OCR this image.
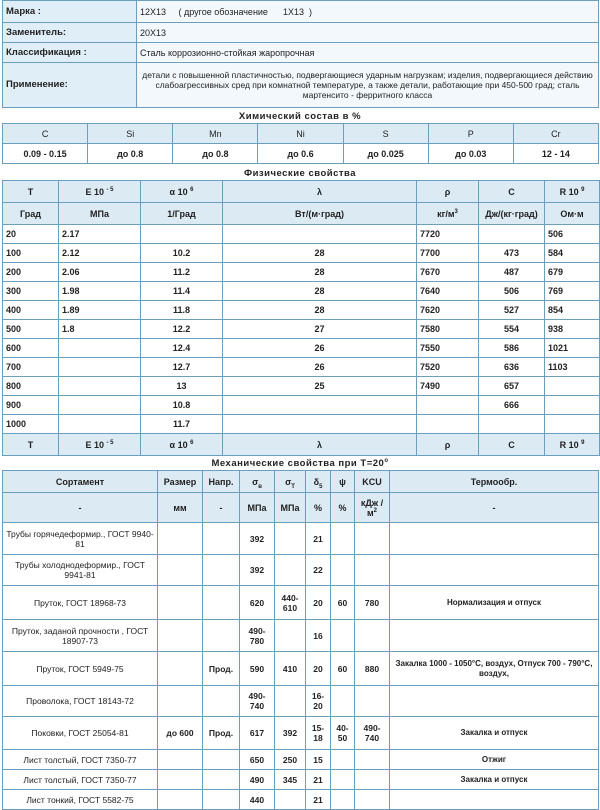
Марка :	12Х13     ( другое обозначение      1Х13  )
Заменитель:	20Х13
Классификация :	Сталь коррозионно-стойкая жаропрочная
Применение:	детали с повышенной пластичностью, подвергающиеся ударным нагрузкам; изделия, подвергающиеся действию слабоагрессивных сред при комнатной температуре, а также детали, работающие при 450-500 град; сталь мартенсито - ферритного класса
Химический состав в %
C	Si	Mn	Ni	S	P	Cr
0.09 - 0.15	до 0.8	до 0.8	до 0.6	до 0.025	до 0.03	12 - 14
Физические свойства
T	E 10 $^{- 5}$	α 10 $^6$	λ	ρ	C	R 10 $^9$
Град	МПа	1/Град	Вт/(м·град)	$кг/м^3$	Дж/(кг·град)	Ом·м
20	2.17			7720		506
100	2.12	10.2	28	7700	473	584
200	2.06	11.2	28	7670	487	679
300	1.98	11.4	28	7640	506	769
400	1.89	11.8	28	7620	527	854
500	1.8	12.2	27	7580	554	938
600		12.4	26	7550	586	1021
700		12.7	26	7520	636	1103
800		13	25	7490	657	
900		10.8			666	
1000		11.7				
T	E 10 $^{- 5}$	α 10 $^6$	λ	ρ	C	R 10 $^9$
Механические свойства при $Т=20^o$
Сортамент	Размер	Напр.	$\sigma_в$	$\sigma_T$	$\delta_5$	ψ	KCU	Термообр.
-	мм	-	МПа	МПа	%	%	кДж / $м^2$	-
Трубы горячедеформир., ГОСТ 9940-81			392		21			
Трубы холоднодеформир., ГОСТ 9941-81			392		22			
Пруток, ГОСТ 18968-73			620	440-610	20	60	780	Нормализация и отпуск
Пруток, заданой прочности , ГОСТ 18907-73			490-780		16			
Пруток, ГОСТ 5949-75		Прод.	590	410	20	60	880	Закалка 1000 - 1050°С, воздух, Отпуск 700 - 790°С, воздух,
Проволока, ГОСТ 18143-72			490-740		16-20			
Поковки, ГОСТ 25054-81	до 600	Прод.	617	392	15-18	40-50	490-740	Закалка и отпуск
Лист толстый, ГОСТ 7350-77			650	250	15			Отжиг
Лист толстый, ГОСТ 7350-77			490	345	21			Закалка и отпуск
Лист тонкий, ГОСТ 5582-75			440		21			
